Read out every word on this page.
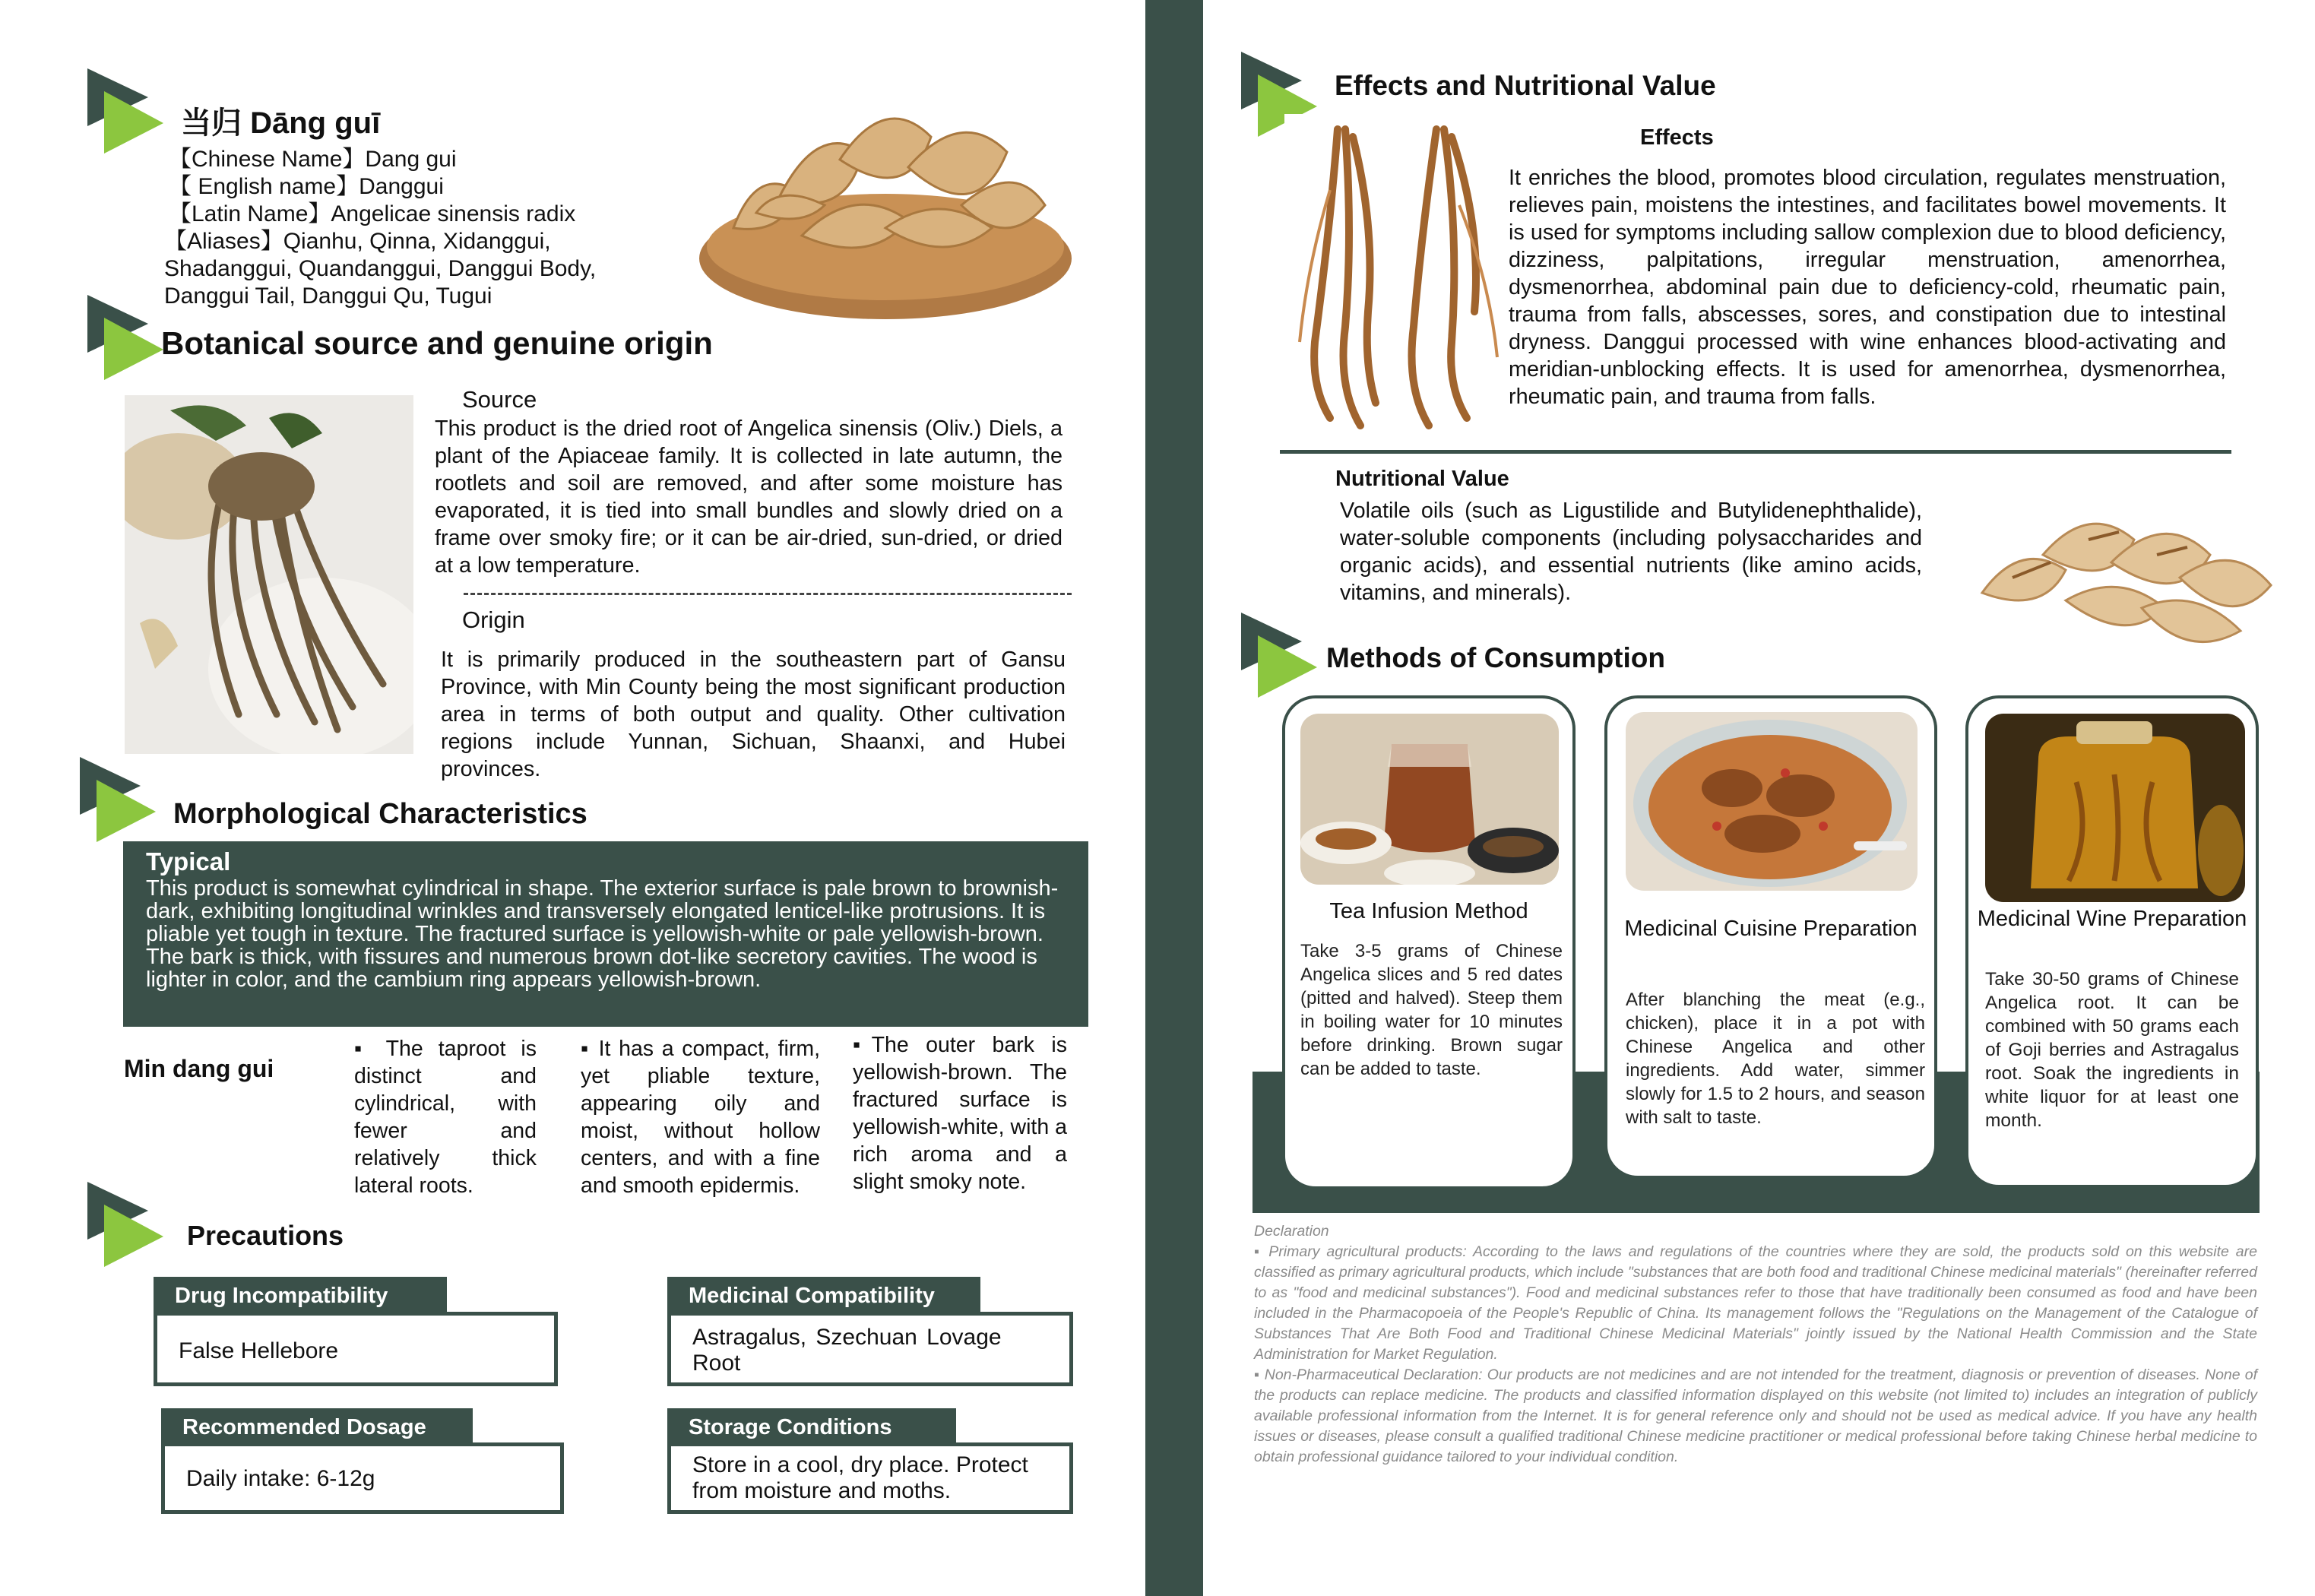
当归 Dāng guī
【Chinese Name】Dang gui
【 English name】Danggui
【Latin Name】Angelicae sinensis radix
【Aliases】Qianhu, Qinna, Xidanggui, Shadanggui, Quandanggui, Danggui Body, Danggui Tail, Danggui Qu, Tugui
Botanical source and genuine origin
Source
This product is the dried root of Angelica sinensis (Oliv.) Diels, a plant of the Apiaceae family. It is collected in late autumn, the rootlets and soil are removed, and after some moisture has evaporated, it is tied into small bundles and slowly dried on a frame over smoky fire; or it can be air-dried, sun-dried, or dried at a low temperature.
Origin
It is primarily produced in the southeastern part of Gansu Province, with Min County being the most significant production area in terms of both output and quality. Other cultivation regions include Yunnan, Sichuan, Shaanxi, and Hubei provinces.
Morphological Characteristics
Typical
This product is somewhat cylindrical in shape. The exterior surface is pale brown to brownish-dark, exhibiting longitudinal wrinkles and transversely elongated lenticel-like protrusions. It is pliable yet tough in texture. The fractured surface is yellowish-white or pale yellowish-brown. The bark is thick, with fissures and numerous brown dot-like secretory cavities. The wood is lighter in color, and the cambium ring appears yellowish-brown.
Min dang gui
▪ The taproot is distinct and cylindrical, with fewer and relatively thick lateral roots.
▪ It has a compact, firm, yet pliable texture, appearing oily and moist, without hollow centers, and with a fine and smooth epidermis.
▪The outer bark is yellowish-brown. The fractured surface is yellowish-white, with a rich aroma and a slight smoky note.
Precautions
Drug Incompatibility
False Hellebore
Medicinal Compatibility
Astragalus, Szechuan Lovage Root
Recommended Dosage
Daily intake: 6-12g
Storage Conditions
Store in a cool, dry place. Protect from moisture and moths.
Effects and Nutritional Value
Effects
It enriches the blood, promotes blood circulation, regulates menstruation, relieves pain, moistens the intestines, and facilitates bowel movements. It is used for symptoms including sallow complexion due to blood deficiency, dizziness, palpitations, irregular menstruation, amenorrhea, dysmenorrhea, abdominal pain due to deficiency-cold, rheumatic pain, trauma from falls, abscesses, sores, and constipation due to intestinal dryness. Danggui processed with wine enhances blood-activating and meridian-unblocking effects. It is used for amenorrhea, dysmenorrhea, rheumatic pain, and trauma from falls.
Nutritional Value
Volatile oils (such as Ligustilide and Butylidenephthalide), water-soluble components (including polysaccharides and organic acids), and essential nutrients (like amino acids, vitamins, and minerals).
Methods of Consumption
Tea Infusion Method
Take 3-5 grams of Chinese Angelica slices and 5 red dates (pitted and halved). Steep them in boiling water for 10 minutes before drinking. Brown sugar can be added to taste.
Medicinal Cuisine Preparation
After blanching the meat (e.g., chicken), place it in a pot with Chinese Angelica and other ingredients. Add water, simmer slowly for 1.5 to 2 hours, and season with salt to taste.
Medicinal Wine Preparation
Take 30-50 grams of Chinese Angelica root. It can be combined with 50 grams each of Goji berries and Astragalus root. Soak the ingredients in white liquor for at least one month.

Declaration

▪ Primary agricultural products: According to the laws and regulations of the countries where they are sold, the products sold on this website are classified as primary agricultural products, which include "substances that are both food and traditional Chinese medicinal materials" (hereinafter referred to as "food and medicinal substances"). Food and medicinal substances refer to those that have traditionally been consumed as food and have been included in the Pharmacopoeia of the People's Republic of China. Its management follows the "Regulations on the Management of the Catalogue of Substances That Are Both Food and Traditional Chinese Medicinal Materials" jointly issued by the National Health Commission and the State Administration for Market Regulation.

▪ Non-Pharmaceutical Declaration: Our products are not medicines and are not intended for the treatment, diagnosis or prevention of diseases. None of the products can replace medicine. The products and classified information displayed on this website (not limited to) includes an integration of publicly available professional information from the Internet. It is for general reference only and should not be used as medical advice. If you have any health issues or diseases, please consult a qualified traditional Chinese medicine practitioner or medical professional before taking Chinese herbal medicine to obtain professional guidance tailored to your individual condition.
